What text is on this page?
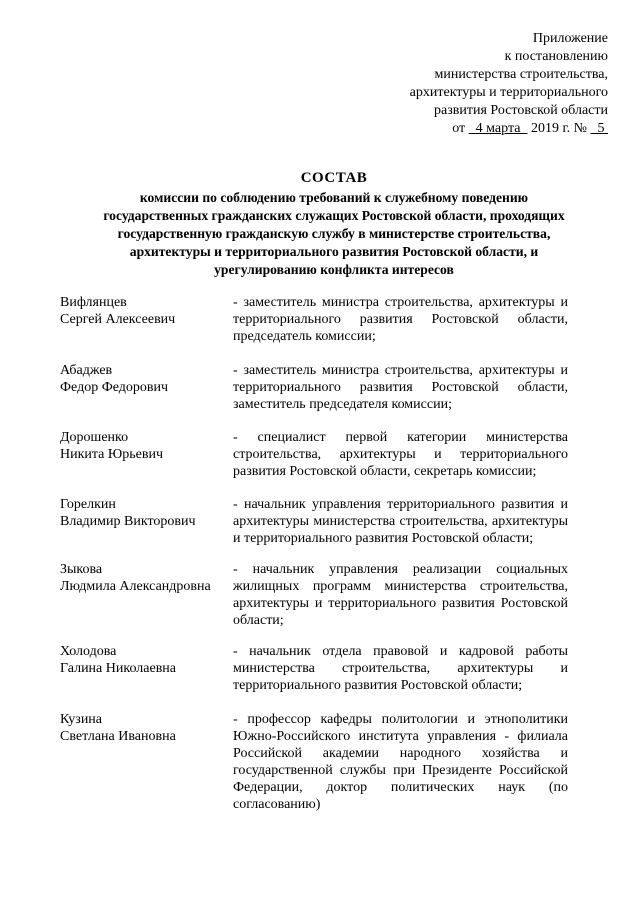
Приложение
к постановлению
министерства строительства,
архитектуры и территориального
развития Ростовской области
от 4 марта 2019 г. № 5
СОСТАВ
комиссии по соблюдению требований к служебному поведению
государственных гражданских служащих Ростовской области, проходящих
государственную гражданскую службу в министерстве строительства,
архитектуры и территориального развития Ростовской области, и
урегулированию конфликта интересов
Вифлянцев
Сергей Алексеевич
- заместитель министра строительства, архитектуры и территориального развития Ростовской области, председатель комиссии;
Абаджев
Федор Федорович
- заместитель министра строительства, архитектуры и территориального развития Ростовской области, заместитель председателя комиссии;
Дорошенко
Никита Юрьевич
- специалист первой категории министерства строительства, архитектуры и территориального развития Ростовской области, секретарь комиссии;
Горелкин
Владимир Викторович
- начальник управления территориального развития и архитектуры министерства строительства, архитектуры и территориального развития Ростовской области;
Зыкова
Людмила Александровна
- начальник управления реализации социальных жилищных программ министерства строительства, архитектуры и территориального развития Ростовской области;
Холодова
Галина Николаевна
- начальник отдела правовой и кадровой работы министерства строительства, архитектуры и территориального развития Ростовской области;
Кузина
Светлана Ивановна
- профессор кафедры политологии и этнополитики Южно-Российского института управления - филиала Российской академии народного хозяйства и государственной службы при Президенте Российской Федерации, доктор политических наук (по согласованию)
